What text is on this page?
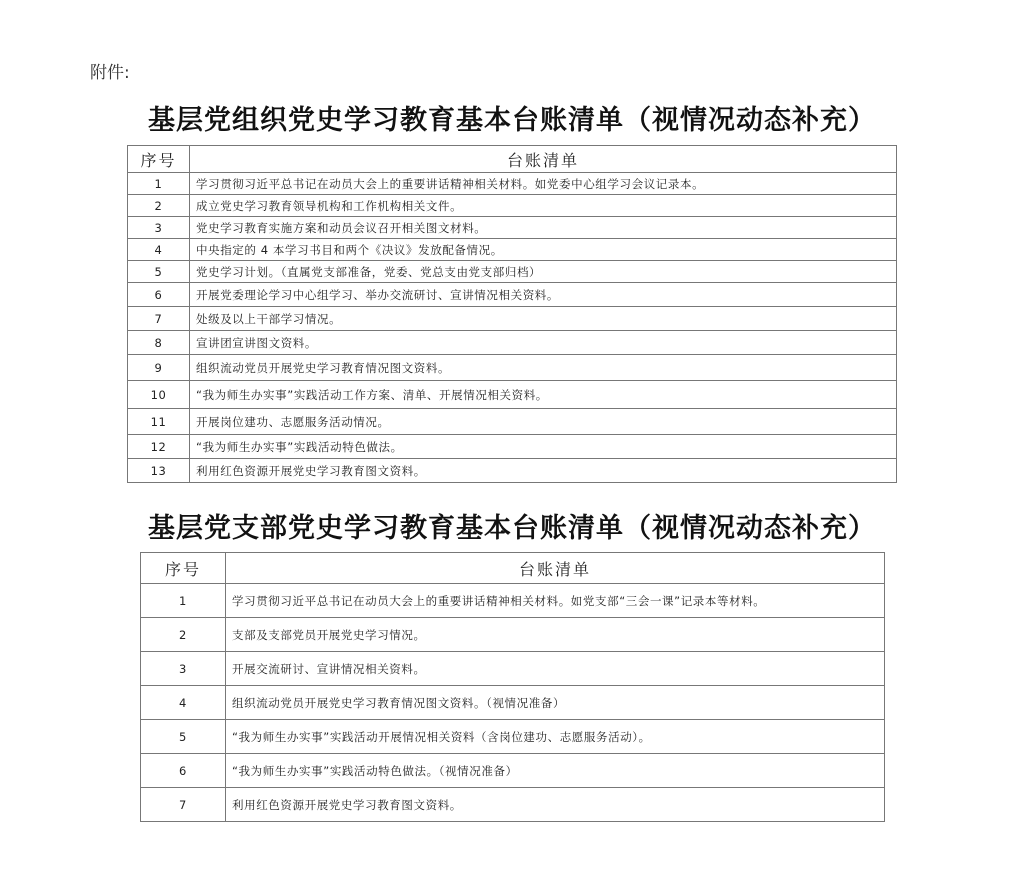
附件:
基层党组织党史学习教育基本台账清单（视情况动态补充）
序号	台账清单
1	学习贯彻习近平总书记在动员大会上的重要讲话精神相关材料。如党委中心组学习会议记录本。
2	成立党史学习教育领导机构和工作机构相关文件。
3	党史学习教育实施方案和动员会议召开相关图文材料。
4	中央指定的 4 本学习书目和两个《决议》发放配备情况。
5	党史学习计划。（直属党支部准备，党委、党总支由党支部归档）
6	开展党委理论学习中心组学习、举办交流研讨、宣讲情况相关资料。
7	处级及以上干部学习情况。
8	宣讲团宣讲图文资料。
9	组织流动党员开展党史学习教育情况图文资料。
10	“我为师生办实事”实践活动工作方案、清单、开展情况相关资料。
11	开展岗位建功、志愿服务活动情况。
12	“我为师生办实事”实践活动特色做法。
13	利用红色资源开展党史学习教育图文资料。
基层党支部党史学习教育基本台账清单（视情况动态补充）
序号	台账清单
1	学习贯彻习近平总书记在动员大会上的重要讲话精神相关材料。如党支部“三会一课”记录本等材料。
2	支部及支部党员开展党史学习情况。
3	开展交流研讨、宣讲情况相关资料。
4	组织流动党员开展党史学习教育情况图文资料。（视情况准备）
5	“我为师生办实事”实践活动开展情况相关资料（含岗位建功、志愿服务活动）。
6	“我为师生办实事”实践活动特色做法。（视情况准备）
7	利用红色资源开展党史学习教育图文资料。
